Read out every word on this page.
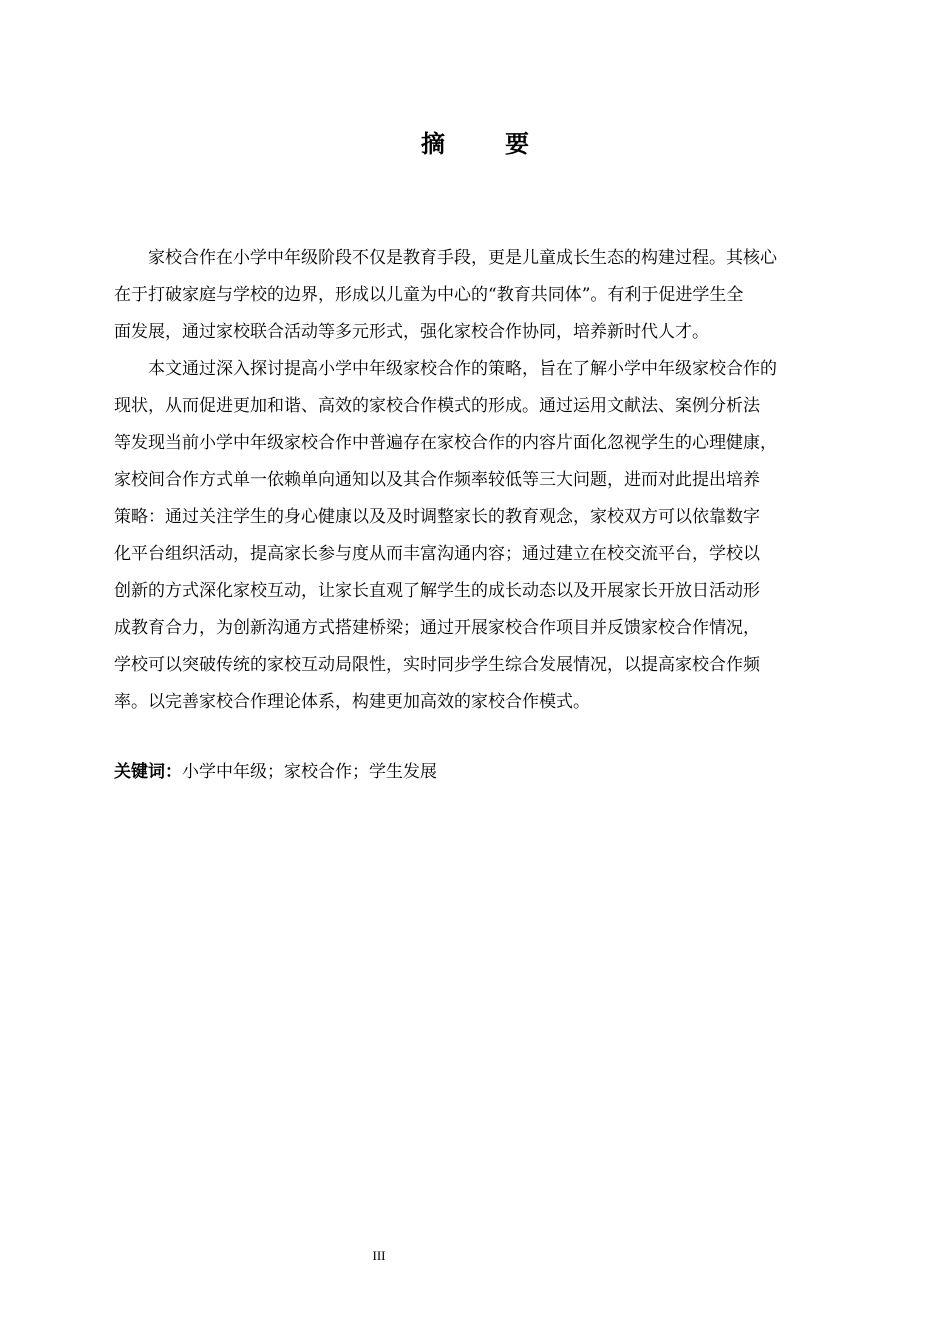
摘　要
家校合作在小学中年级阶段不仅是教育手段，更是儿童成长生态的构建过程。其核心
在于打破家庭与学校的边界，形成以儿童为中心的“教育共同体”。有利于促进学生全
面发展，通过家校联合活动等多元形式，强化家校合作协同，培养新时代人才。
本文通过深入探讨提高小学中年级家校合作的策略，旨在了解小学中年级家校合作的
现状，从而促进更加和谐、高效的家校合作模式的形成。通过运用文献法、案例分析法
等发现当前小学中年级家校合作中普遍存在家校合作的内容片面化忽视学生的心理健康，
家校间合作方式单一依赖单向通知以及其合作频率较低等三大问题，进而对此提出培养
策略：通过关注学生的身心健康以及及时调整家长的教育观念，家校双方可以依靠数字
化平台组织活动，提高家长参与度从而丰富沟通内容；通过建立在校交流平台，学校以
创新的方式深化家校互动，让家长直观了解学生的成长动态以及开展家长开放日活动形
成教育合力，为创新沟通方式搭建桥梁；通过开展家校合作项目并反馈家校合作情况，
学校可以突破传统的家校互动局限性，实时同步学生综合发展情况，以提高家校合作频
率。以完善家校合作理论体系，构建更加高效的家校合作模式。
关键词：小学中年级；家校合作；学生发展
III
